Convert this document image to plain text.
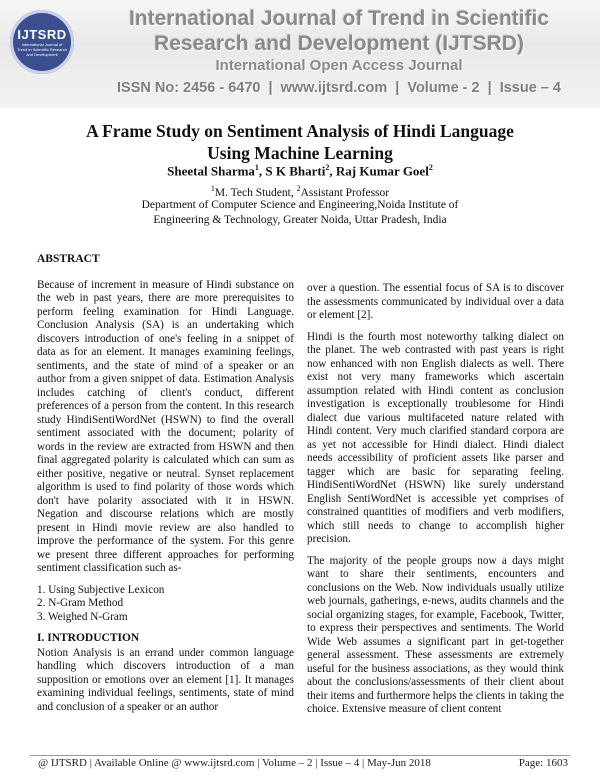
IJTSRD
International Journal of Trend in Scientific Research and Development
International Journal of Trend in Scientific
Research and Development (IJTSRD)
International Open Access Journal
ISSN No: 2456 - 6470 | www.ijtsrd.com | Volume - 2 | Issue – 4
A Frame Study on Sentiment Analysis of Hindi Language
Using Machine Learning
Sheetal Sharma$^1$, S K Bharti$^2$, Raj Kumar Goel$^2$
$^1$M. Tech Student, $^2$Assistant Professor
Department of Computer Science and Engineering,Noida Institute of
Engineering & Technology, Greater Noida, Uttar Pradesh, India
ABSTRACT

Because of increment in measure of Hindi substance on the web in past years, there are more prerequisites to perform feeling examination for Hindi Language. Conclusion Analysis (SA) is an undertaking which discovers introduction of one's feeling in a snippet of data as for an element. It manages examining feelings, sentiments, and the state of mind of a speaker or an author from a given snippet of data. Estimation Analysis includes catching of client's conduct, different preferences of a person from the content. In this research study HindiSentiWordNet (HSWN) to find the overall sentiment associated with the document; polarity of words in the review are extracted from HSWN and then final aggregated polarity is calculated which can sum as either positive, negative or neutral. Synset replacement algorithm is used to find polarity of those words which don't have polarity associated with it in HSWN. Negation and discourse relations which are mostly present in Hindi movie review are also handled to improve the performance of the system. For this genre we present three different approaches for performing sentiment classification such as-

1. Using Subjective Lexicon
2. N-Gram Method
3. Weighed N-Gram
I. INTRODUCTION

Notion Analysis is an errand under common language handling which discovers introduction of a man supposition or emotions over an element [1]. It manages examining individual feelings, sentiments, state of mind and conclusion of a speaker or an author

over a question. The essential focus of SA is to discover the assessments communicated by individual over a data or element [2].

Hindi is the fourth most noteworthy talking dialect on the planet. The web contrasted with past years is right now enhanced with non English dialects as well. There exist not very many frameworks which ascertain assumption related with Hindi content as conclusion investigation is exceptionally troublesome for Hindi dialect due various multifaceted nature related with Hindi content. Very much clarified standard corpora are as yet not accessible for Hindi dialect. Hindi dialect needs accessibility of proficient assets like parser and tagger which are basic for separating feeling. HindiSentiWordNet (HSWN) like surely understand English SentiWordNet is accessible yet comprises of constrained quantities of modifiers and verb modifiers, which still needs to change to accomplish higher precision.

The majority of the people groups now a days might want to share their sentiments, encounters and conclusions on the Web. Now individuals usually utilize web journals, gatherings, e-news, audits channels and the social organizing stages, for example, Facebook, Twitter, to express their perspectives and sentiments. The World Wide Web assumes a significant part in get-together general assessment. These assessments are extremely useful for the business associations, as they would think about the conclusions/assessments of their client about their items and furthermore helps the clients in taking the choice. Extensive measure of client content

@ IJTSRD | Available Online @ www.ijtsrd.com | Volume – 2 | Issue – 4 | May-Jun 2018	Page: 1603
